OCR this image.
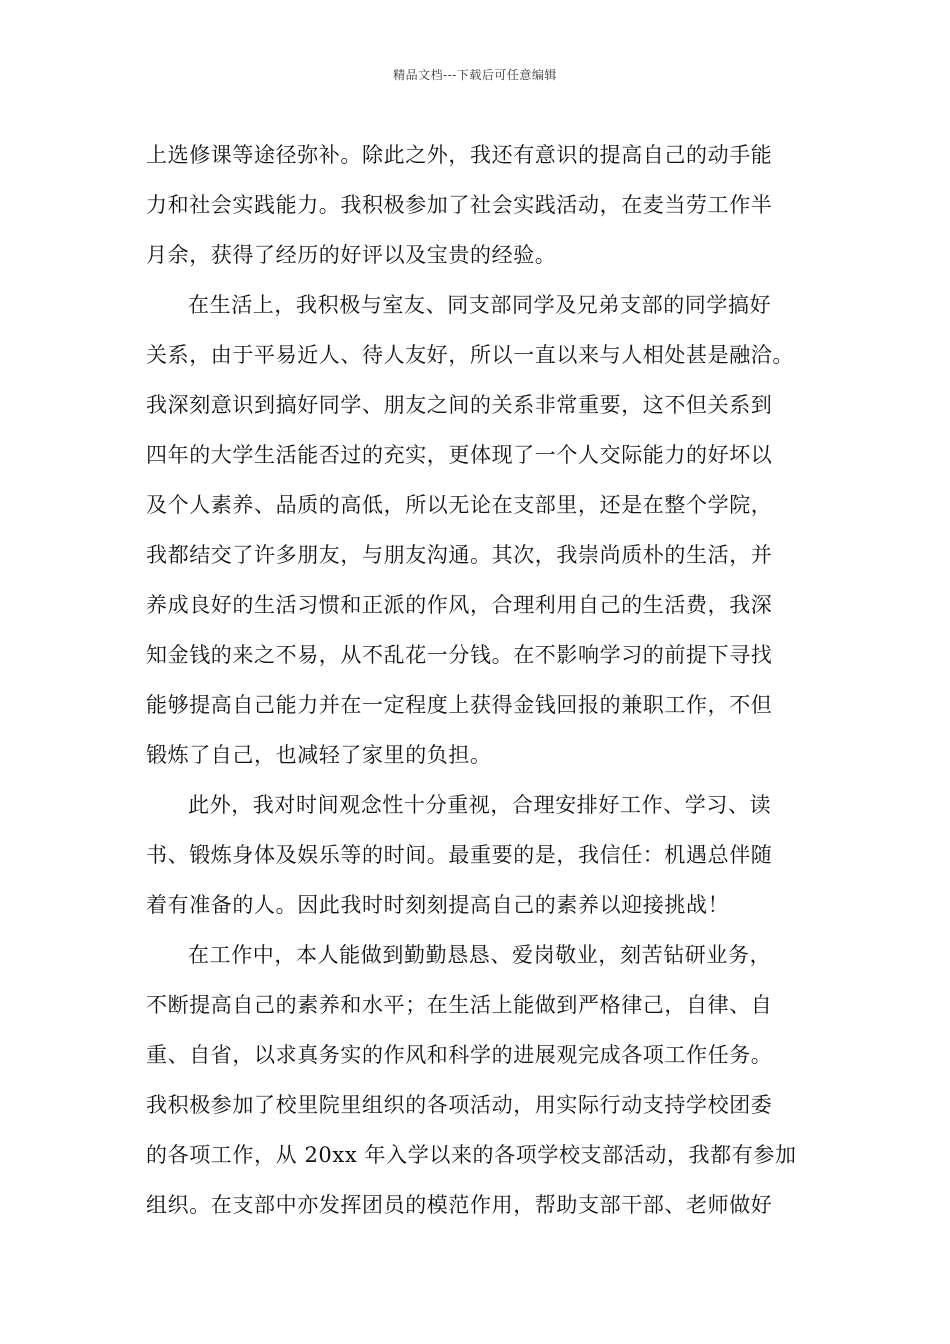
精品文档---下载后可任意编辑
上选修课等途径弥补。除此之外，我还有意识的提高自己的动手能
力和社会实践能力。我积极参加了社会实践活动，在麦当劳工作半
月余，获得了经历的好评以及宝贵的经验。
在生活上，我积极与室友、同支部同学及兄弟支部的同学搞好
关系，由于平易近人、待人友好，所以一直以来与人相处甚是融洽。
我深刻意识到搞好同学、朋友之间的关系非常重要，这不但关系到
四年的大学生活能否过的充实，更体现了一个人交际能力的好坏以
及个人素养、品质的高低，所以无论在支部里，还是在整个学院，
我都结交了许多朋友，与朋友沟通。其次，我崇尚质朴的生活，并
养成良好的生活习惯和正派的作风，合理利用自己的生活费，我深
知金钱的来之不易，从不乱花一分钱。在不影响学习的前提下寻找
能够提高自己能力并在一定程度上获得金钱回报的兼职工作，不但
锻炼了自己，也减轻了家里的负担。
此外，我对时间观念性十分重视，合理安排好工作、学习、读
书、锻炼身体及娱乐等的时间。最重要的是，我信任：机遇总伴随
着有准备的人。因此我时时刻刻提高自己的素养以迎接挑战！
在工作中，本人能做到勤勤恳恳、爱岗敬业，刻苦钻研业务，
不断提高自己的素养和水平；在生活上能做到严格律己，自律、自
重、自省，以求真务实的作风和科学的进展观完成各项工作任务。
我积极参加了校里院里组织的各项活动，用实际行动支持学校团委
的各项工作，从 20xx 年入学以来的各项学校支部活动，我都有参加
组织。在支部中亦发挥团员的模范作用，帮助支部干部、老师做好
